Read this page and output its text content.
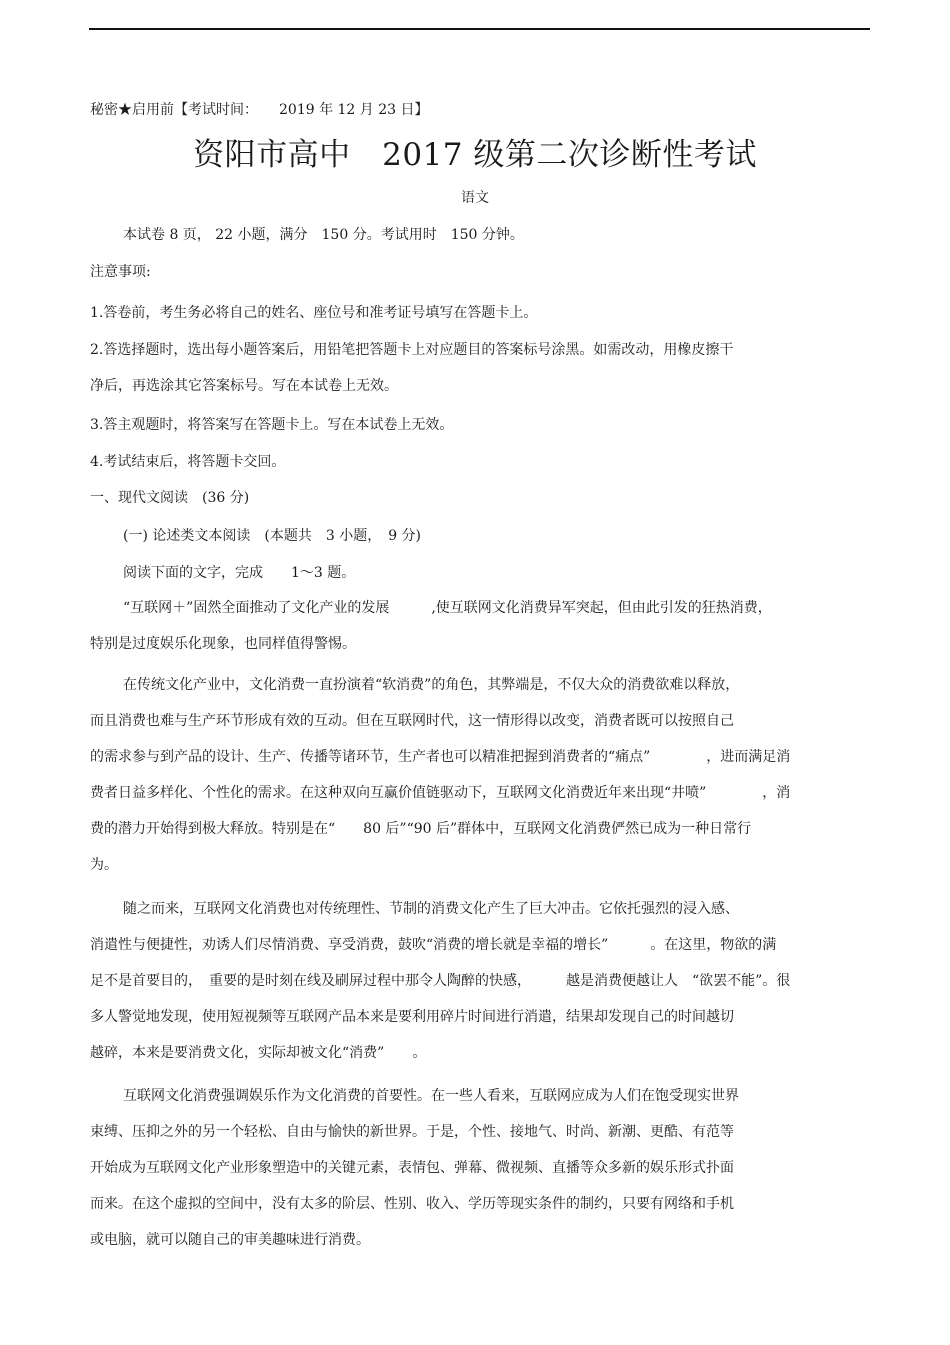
秘密★启用前【考试时间：　　2019 年 12 月 23 日】
资阳市高中　2017 级第二次诊断性考试
语文
本试卷 8 页， 22 小题，满分　150 分。考试用时　150 分钟。
注意事项:
1.答卷前，考生务必将自己的姓名、座位号和准考证号填写在答题卡上。
2.答选择题时，选出每小题答案后，用铅笔把答题卡上对应题目的答案标号涂黑。如需改动，用橡皮擦干
净后，再选涂其它答案标号。写在本试卷上无效。
3.答主观题时，将答案写在答题卡上。写在本试卷上无效。
4.考试结束后，将答题卡交回。
一、现代文阅读　(36 分)
(一) 论述类文本阅读　(本题共　3 小题，　9 分)
阅读下面的文字，完成　　1～3 题。
“互联网＋”固然全面推动了文化产业的发展　　　,使互联网文化消费异军突起，但由此引发的狂热消费，
特别是过度娱乐化现象，也同样值得警惕。
在传统文化产业中，文化消费一直扮演着“软消费”的角色，其弊端是，不仅大众的消费欲难以释放，
而且消费也难与生产环节形成有效的互动。但在互联网时代，这一情形得以改变，消费者既可以按照自己
的需求参与到产品的设计、生产、传播等诸环节，生产者也可以精准把握到消费者的“痛点”　　　　，进而满足消
费者日益多样化、个性化的需求。在这种双向互赢价值链驱动下，互联网文化消费近年来出现“井喷”　　　　，消
费的潜力开始得到极大释放。特别是在“　　80 后”“90 后”群体中，互联网文化消费俨然已成为一种日常行
为。
随之而来，互联网文化消费也对传统理性、节制的消费文化产生了巨大冲击。它依托强烈的浸入感、
消遣性与便捷性，劝诱人们尽情消费、享受消费，鼓吹“消费的增长就是幸福的增长”　　　。在这里，物欲的满
足不是首要目的，　重要的是时刻在线及刷屏过程中那令人陶醉的快感，　　　越是消费便越让人　“欲罢不能”。很
多人警觉地发现，使用短视频等互联网产品本来是要利用碎片时间进行消遣，结果却发现自己的时间越切
越碎，本来是要消费文化，实际却被文化“消费”　　。
互联网文化消费强调娱乐作为文化消费的首要性。在一些人看来，互联网应成为人们在饱受现实世界
束缚、压抑之外的另一个轻松、自由与愉快的新世界。于是，个性、接地气、时尚、新潮、更酷、有范等
开始成为互联网文化产业形象塑造中的关键元素，表情包、弹幕、微视频、直播等众多新的娱乐形式扑面
而来。在这个虚拟的空间中，没有太多的阶层、性别、收入、学历等现实条件的制约，只要有网络和手机
或电脑，就可以随自己的审美趣味进行消费。
